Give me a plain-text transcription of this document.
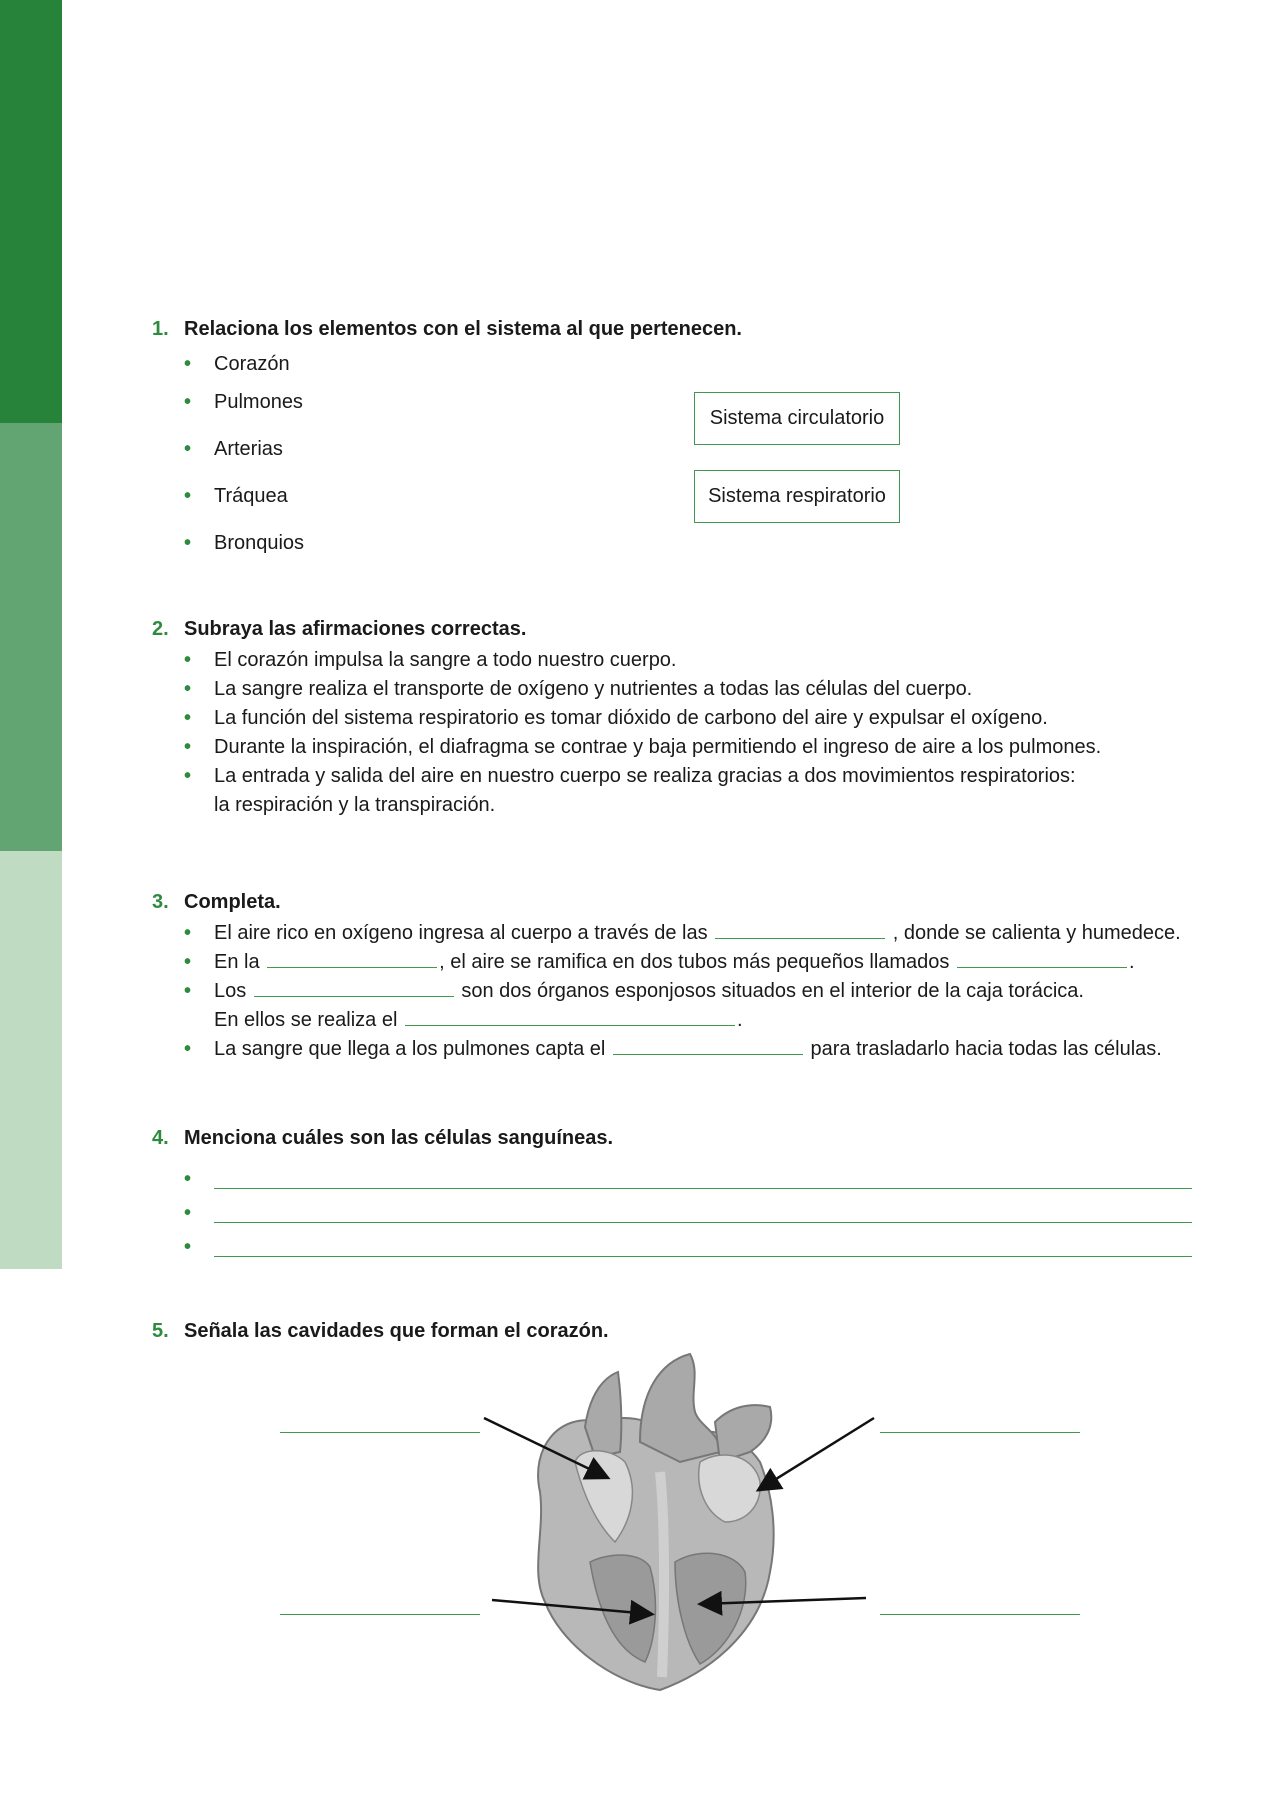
1. Relaciona los elementos con el sistema al que pertenecen.
•	Corazón
•	Pulmones
•	Arterias
•	Tráquea
•	Bronquios
Sistema circulatorio
Sistema respiratorio
2. Subraya las afirmaciones correctas.
•	El corazón impulsa la sangre a todo nuestro cuerpo.
•	La sangre realiza el transporte de oxígeno y nutrientes a todas las células del cuerpo.
•	La función del sistema respiratorio es tomar dióxido de carbono del aire y expulsar el oxígeno.
•	Durante la inspiración, el diafragma se contrae y baja permitiendo el ingreso de aire a los pulmones.
•	La entrada y salida del aire en nuestro cuerpo se realiza gracias a dos movimientos respiratorios:
la respiración y la transpiración.
3. Completa.
•	El aire rico en oxígeno ingresa al cuerpo a través de las	, donde se calienta y humedece.
•	En la	, el aire se ramifica en dos tubos más pequeños llamados	.
•	Los	son dos órganos esponjosos situados en el interior de la caja torácica.
En ellos se realiza el	.
•	La sangre que llega a los pulmones capta el	para trasladarlo hacia todas las células.
4. Menciona cuáles son las células sanguíneas.
•
•
•
5. Señala las cavidades que forman el corazón.
